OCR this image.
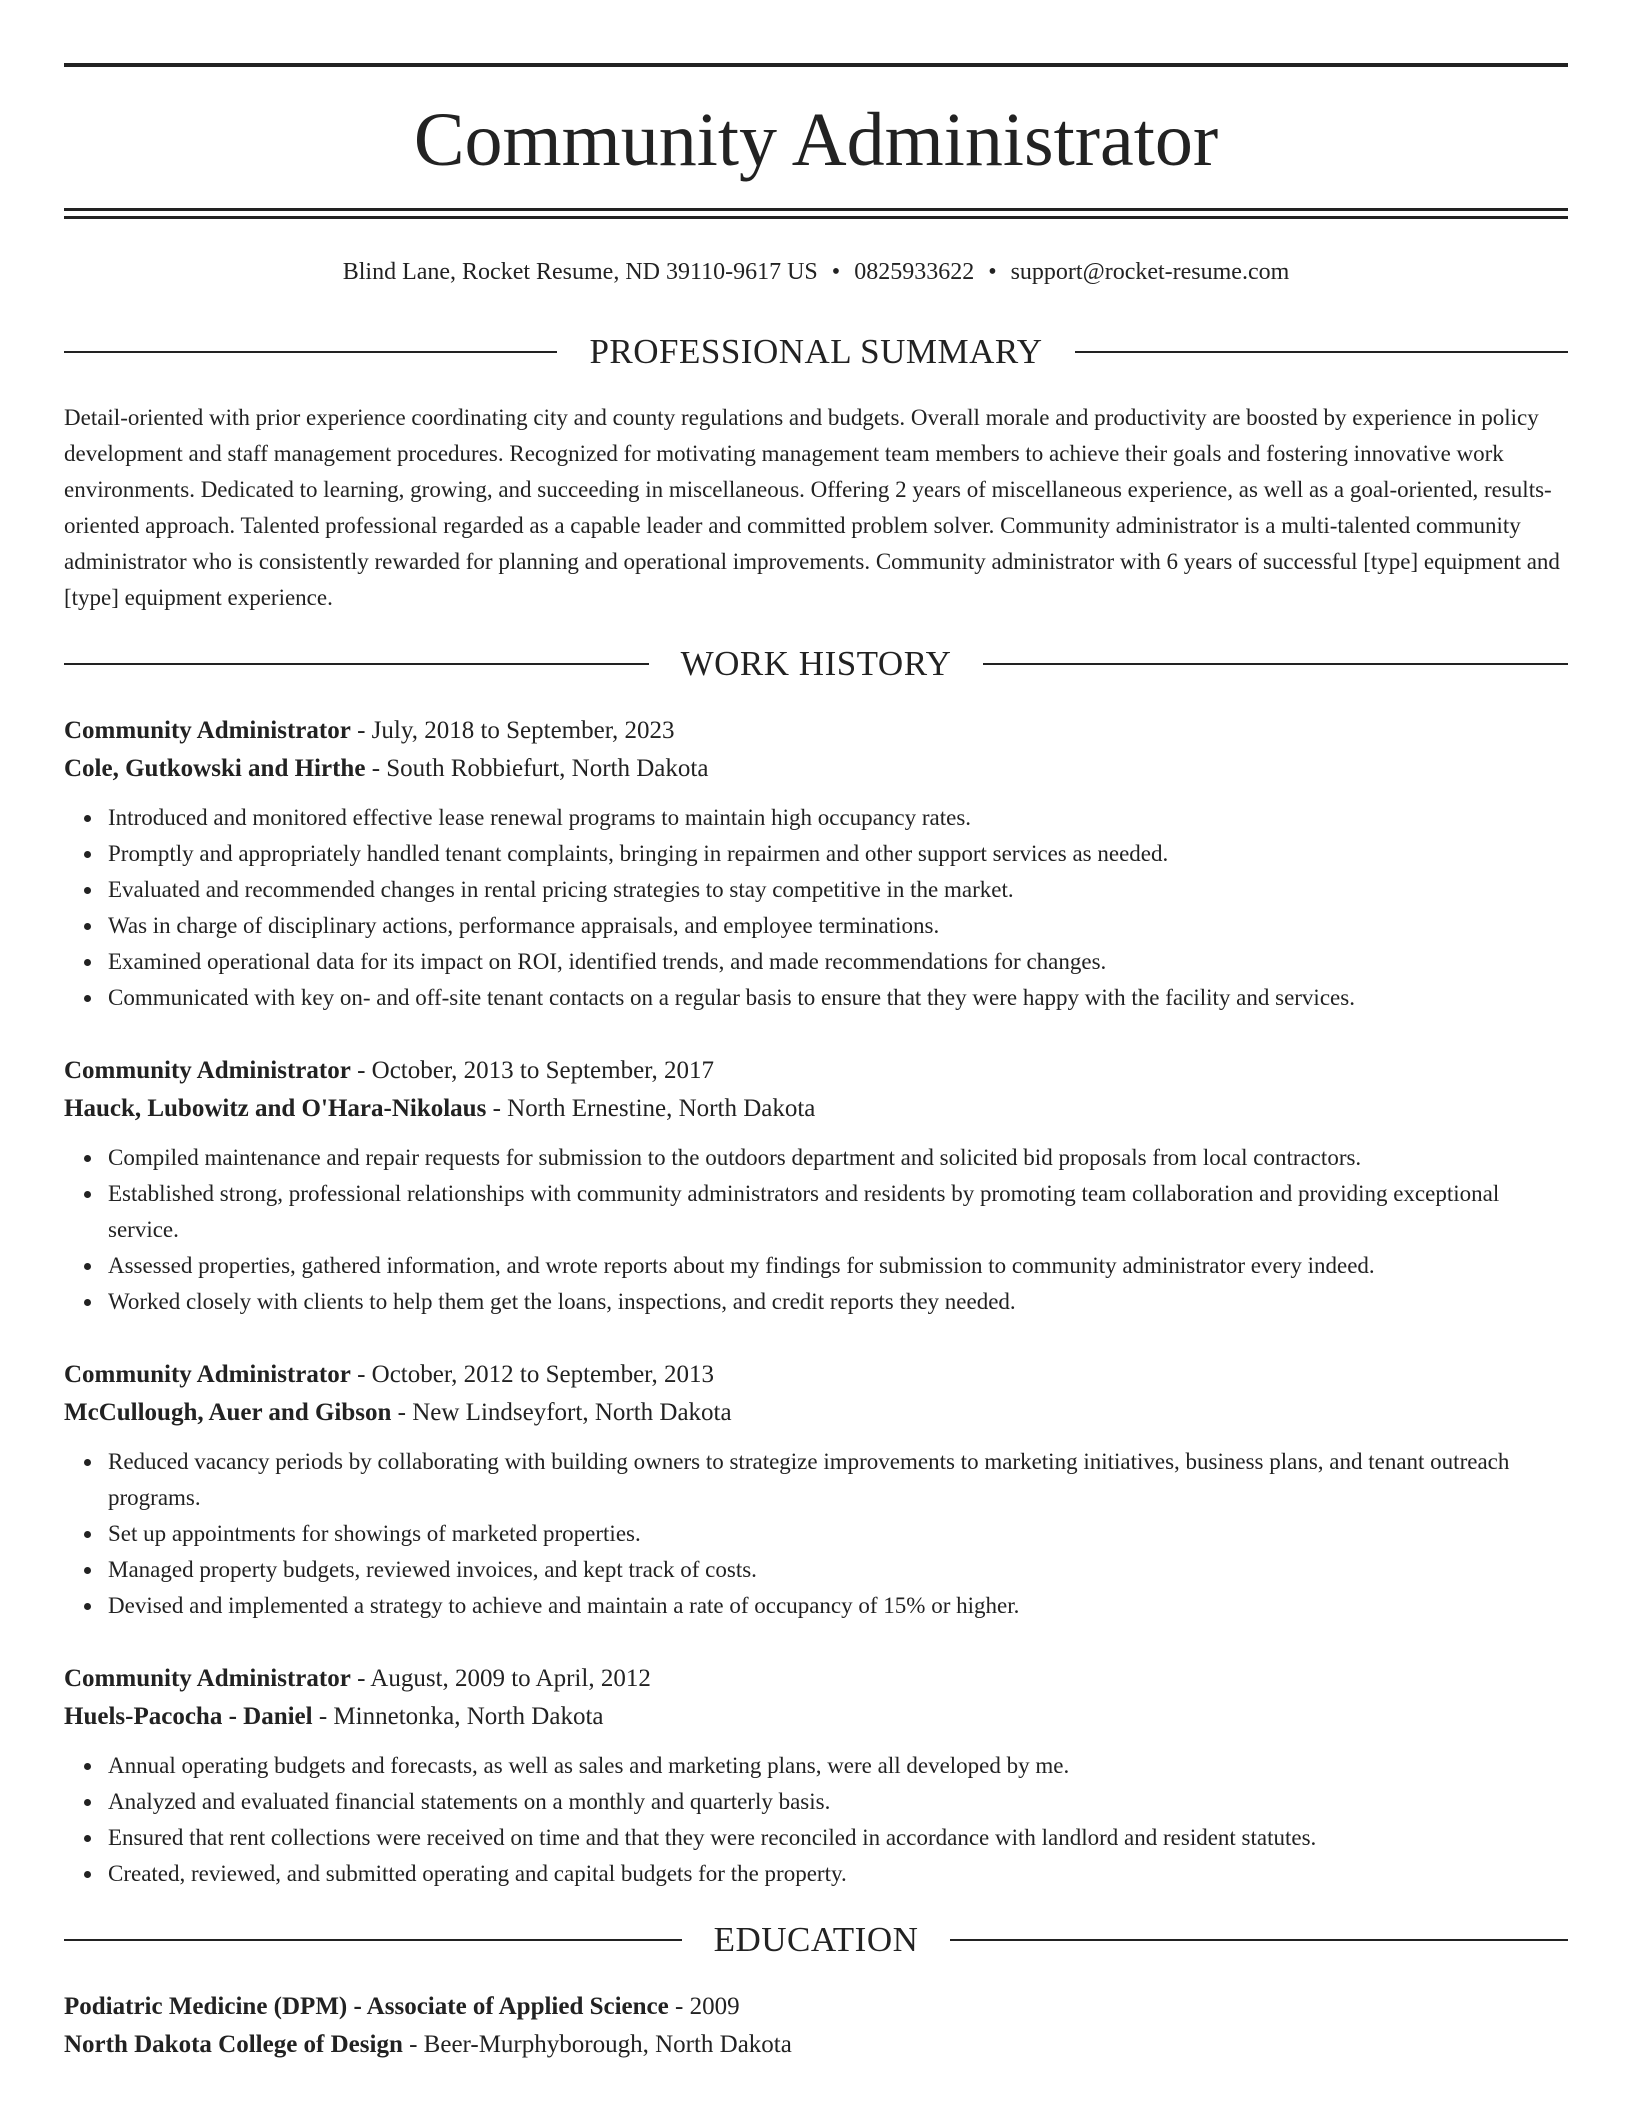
Community Administrator
Blind Lane, Rocket Resume, ND 39110-9617 US • 0825933622 • support@rocket-resume.com
PROFESSIONAL SUMMARY

Detail-oriented with prior experience coordinating city and county regulations and budgets. Overall morale and productivity are boosted by experience in policy development and staff management procedures. Recognized for motivating management team members to achieve their goals and fostering innovative work environments. Dedicated to learning, growing, and succeeding in miscellaneous. Offering 2 years of miscellaneous experience, as well as a goal-oriented, results-oriented approach. Talented professional regarded as a capable leader and committed problem solver. Community administrator is a multi-talented community administrator who is consistently rewarded for planning and operational improvements. Community administrator with 6 years of successful [type] equipment and [type] equipment experience.

WORK HISTORY

Community Administrator - July, 2018 to September, 2023

Cole, Gutkowski and Hirthe - South Robbiefurt, North Dakota

Introduced and monitored effective lease renewal programs to maintain high occupancy rates.
Promptly and appropriately handled tenant complaints, bringing in repairmen and other support services as needed.
Evaluated and recommended changes in rental pricing strategies to stay competitive in the market.
Was in charge of disciplinary actions, performance appraisals, and employee terminations.
Examined operational data for its impact on ROI, identified trends, and made recommendations for changes.
Communicated with key on- and off-site tenant contacts on a regular basis to ensure that they were happy with the facility and services.

Community Administrator - October, 2013 to September, 2017

Hauck, Lubowitz and O'Hara-Nikolaus - North Ernestine, North Dakota

Compiled maintenance and repair requests for submission to the outdoors department and solicited bid proposals from local contractors.
Established strong, professional relationships with community administrators and residents by promoting team collaboration and providing exceptional service.
Assessed properties, gathered information, and wrote reports about my findings for submission to community administrator every indeed.
Worked closely with clients to help them get the loans, inspections, and credit reports they needed.

Community Administrator - October, 2012 to September, 2013

McCullough, Auer and Gibson - New Lindseyfort, North Dakota

Reduced vacancy periods by collaborating with building owners to strategize improvements to marketing initiatives, business plans, and tenant outreach programs.
Set up appointments for showings of marketed properties.
Managed property budgets, reviewed invoices, and kept track of costs.
Devised and implemented a strategy to achieve and maintain a rate of occupancy of 15% or higher.

Community Administrator - August, 2009 to April, 2012

Huels-Pacocha - Daniel - Minnetonka, North Dakota

Annual operating budgets and forecasts, as well as sales and marketing plans, were all developed by me.
Analyzed and evaluated financial statements on a monthly and quarterly basis.
Ensured that rent collections were received on time and that they were reconciled in accordance with landlord and resident statutes.
Created, reviewed, and submitted operating and capital budgets for the property.
EDUCATION

Podiatric Medicine (DPM) - Associate of Applied Science - 2009

North Dakota College of Design - Beer-Murphyborough, North Dakota
